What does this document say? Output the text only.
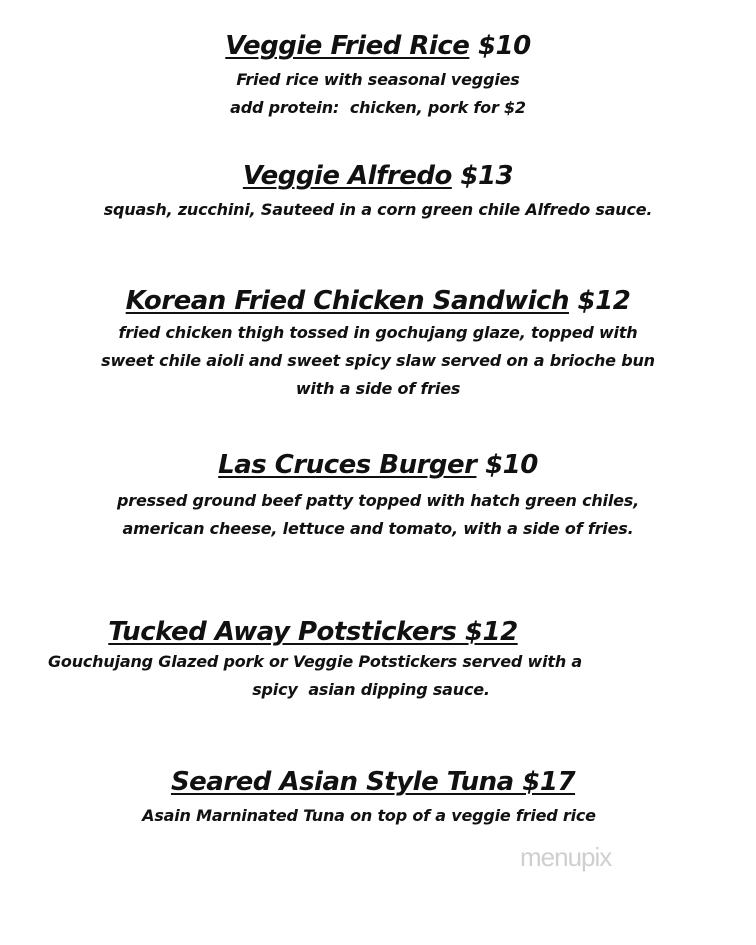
Veggie Fried Rice $10
Fried rice with seasonal veggies
add protein:  chicken, pork for $2
Veggie Alfredo $13
squash, zucchini, Sauteed in a corn green chile Alfredo sauce.
Korean Fried Chicken Sandwich $12
fried chicken thigh tossed in gochujang glaze, topped with
sweet chile aioli and sweet spicy slaw served on a brioche bun
with a side of fries
Las Cruces Burger $10
pressed ground beef patty topped with hatch green chiles,
american cheese, lettuce and tomato, with a side of fries.
Tucked Away Potstickers $12
Gouchujang Glazed pork or Veggie Potstickers served with a
spicy  asian dipping sauce.
Seared Asian Style Tuna $17
Asain Marninated Tuna on top of a veggie fried rice
menupix
